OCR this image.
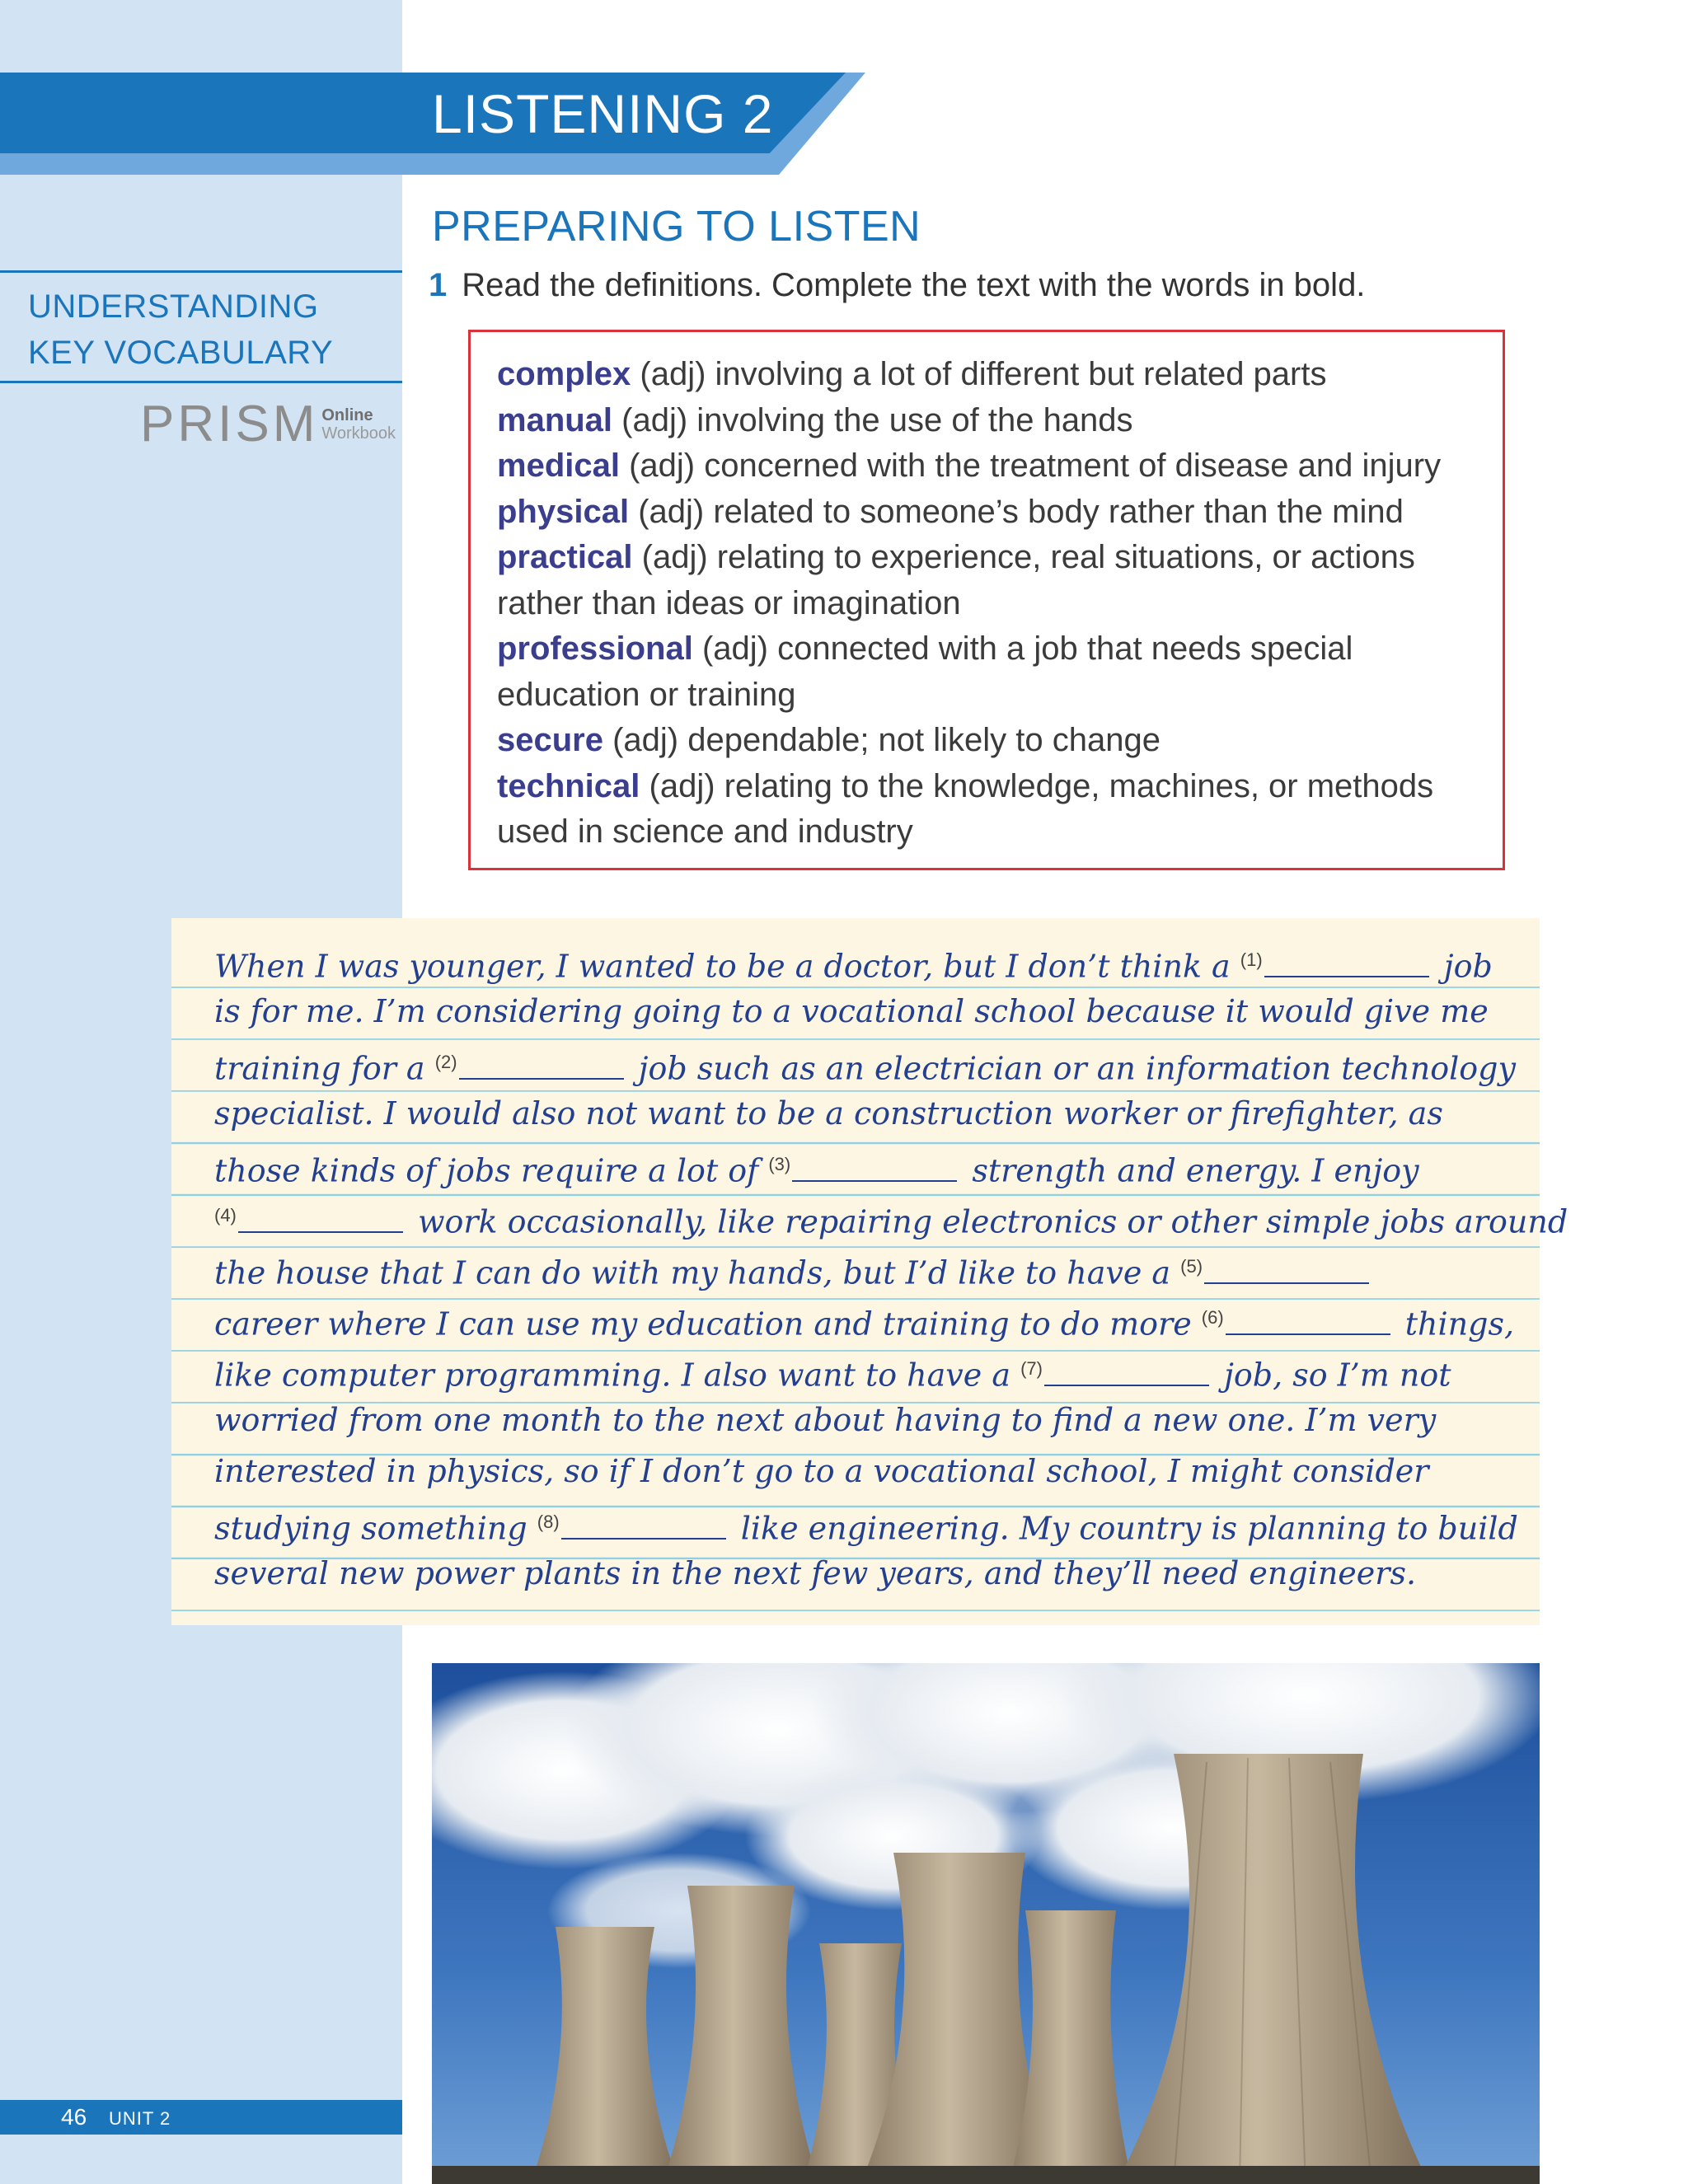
UNDERSTANDING
KEY VOCABULARY
PRISM Online
Workbook
LISTENING 2
PREPARING TO LISTEN
1 Read the definitions. Complete the text with the words in bold.
complex (adj) involving a lot of different but related parts
manual (adj) involving the use of the hands
medical (adj) concerned with the treatment of disease and injury
physical (adj) related to someone’s body rather than the mind
practical (adj) relating to experience, real situations, or actions
rather than ideas or imagination
professional (adj) connected with a job that needs special
education or training
secure (adj) dependable; not likely to change
technical (adj) relating to the knowledge, machines, or methods
used in science and industry
When I was younger, I wanted to be a doctor, but I don’t think a $^{(1)}$	job
is for me. I’m considering going to a vocational school because it would give me
training for a $^{(2)}$	job such as an electrician or an information technology
specialist. I would also not want to be a construction worker or firefighter, as
those kinds of jobs require a lot of $^{(3)}$	strength and energy. I enjoy
$^{(4)}$	work occasionally, like repairing electronics or other simple jobs around
the house that I can do with my hands, but I’d like to have a $^{(5)}$
career where I can use my education and training to do more $^{(6)}$	things,
like computer programming. I also want to have a $^{(7)}$	job, so I’m not
worried from one month to the next about having to find a new one. I’m very
interested in physics, so if I don’t go to a vocational school, I might consider
studying something $^{(8)}$	like engineering. My country is planning to build
several new power plants in the next few years, and they’ll need engineers.
46 UNIT 2
